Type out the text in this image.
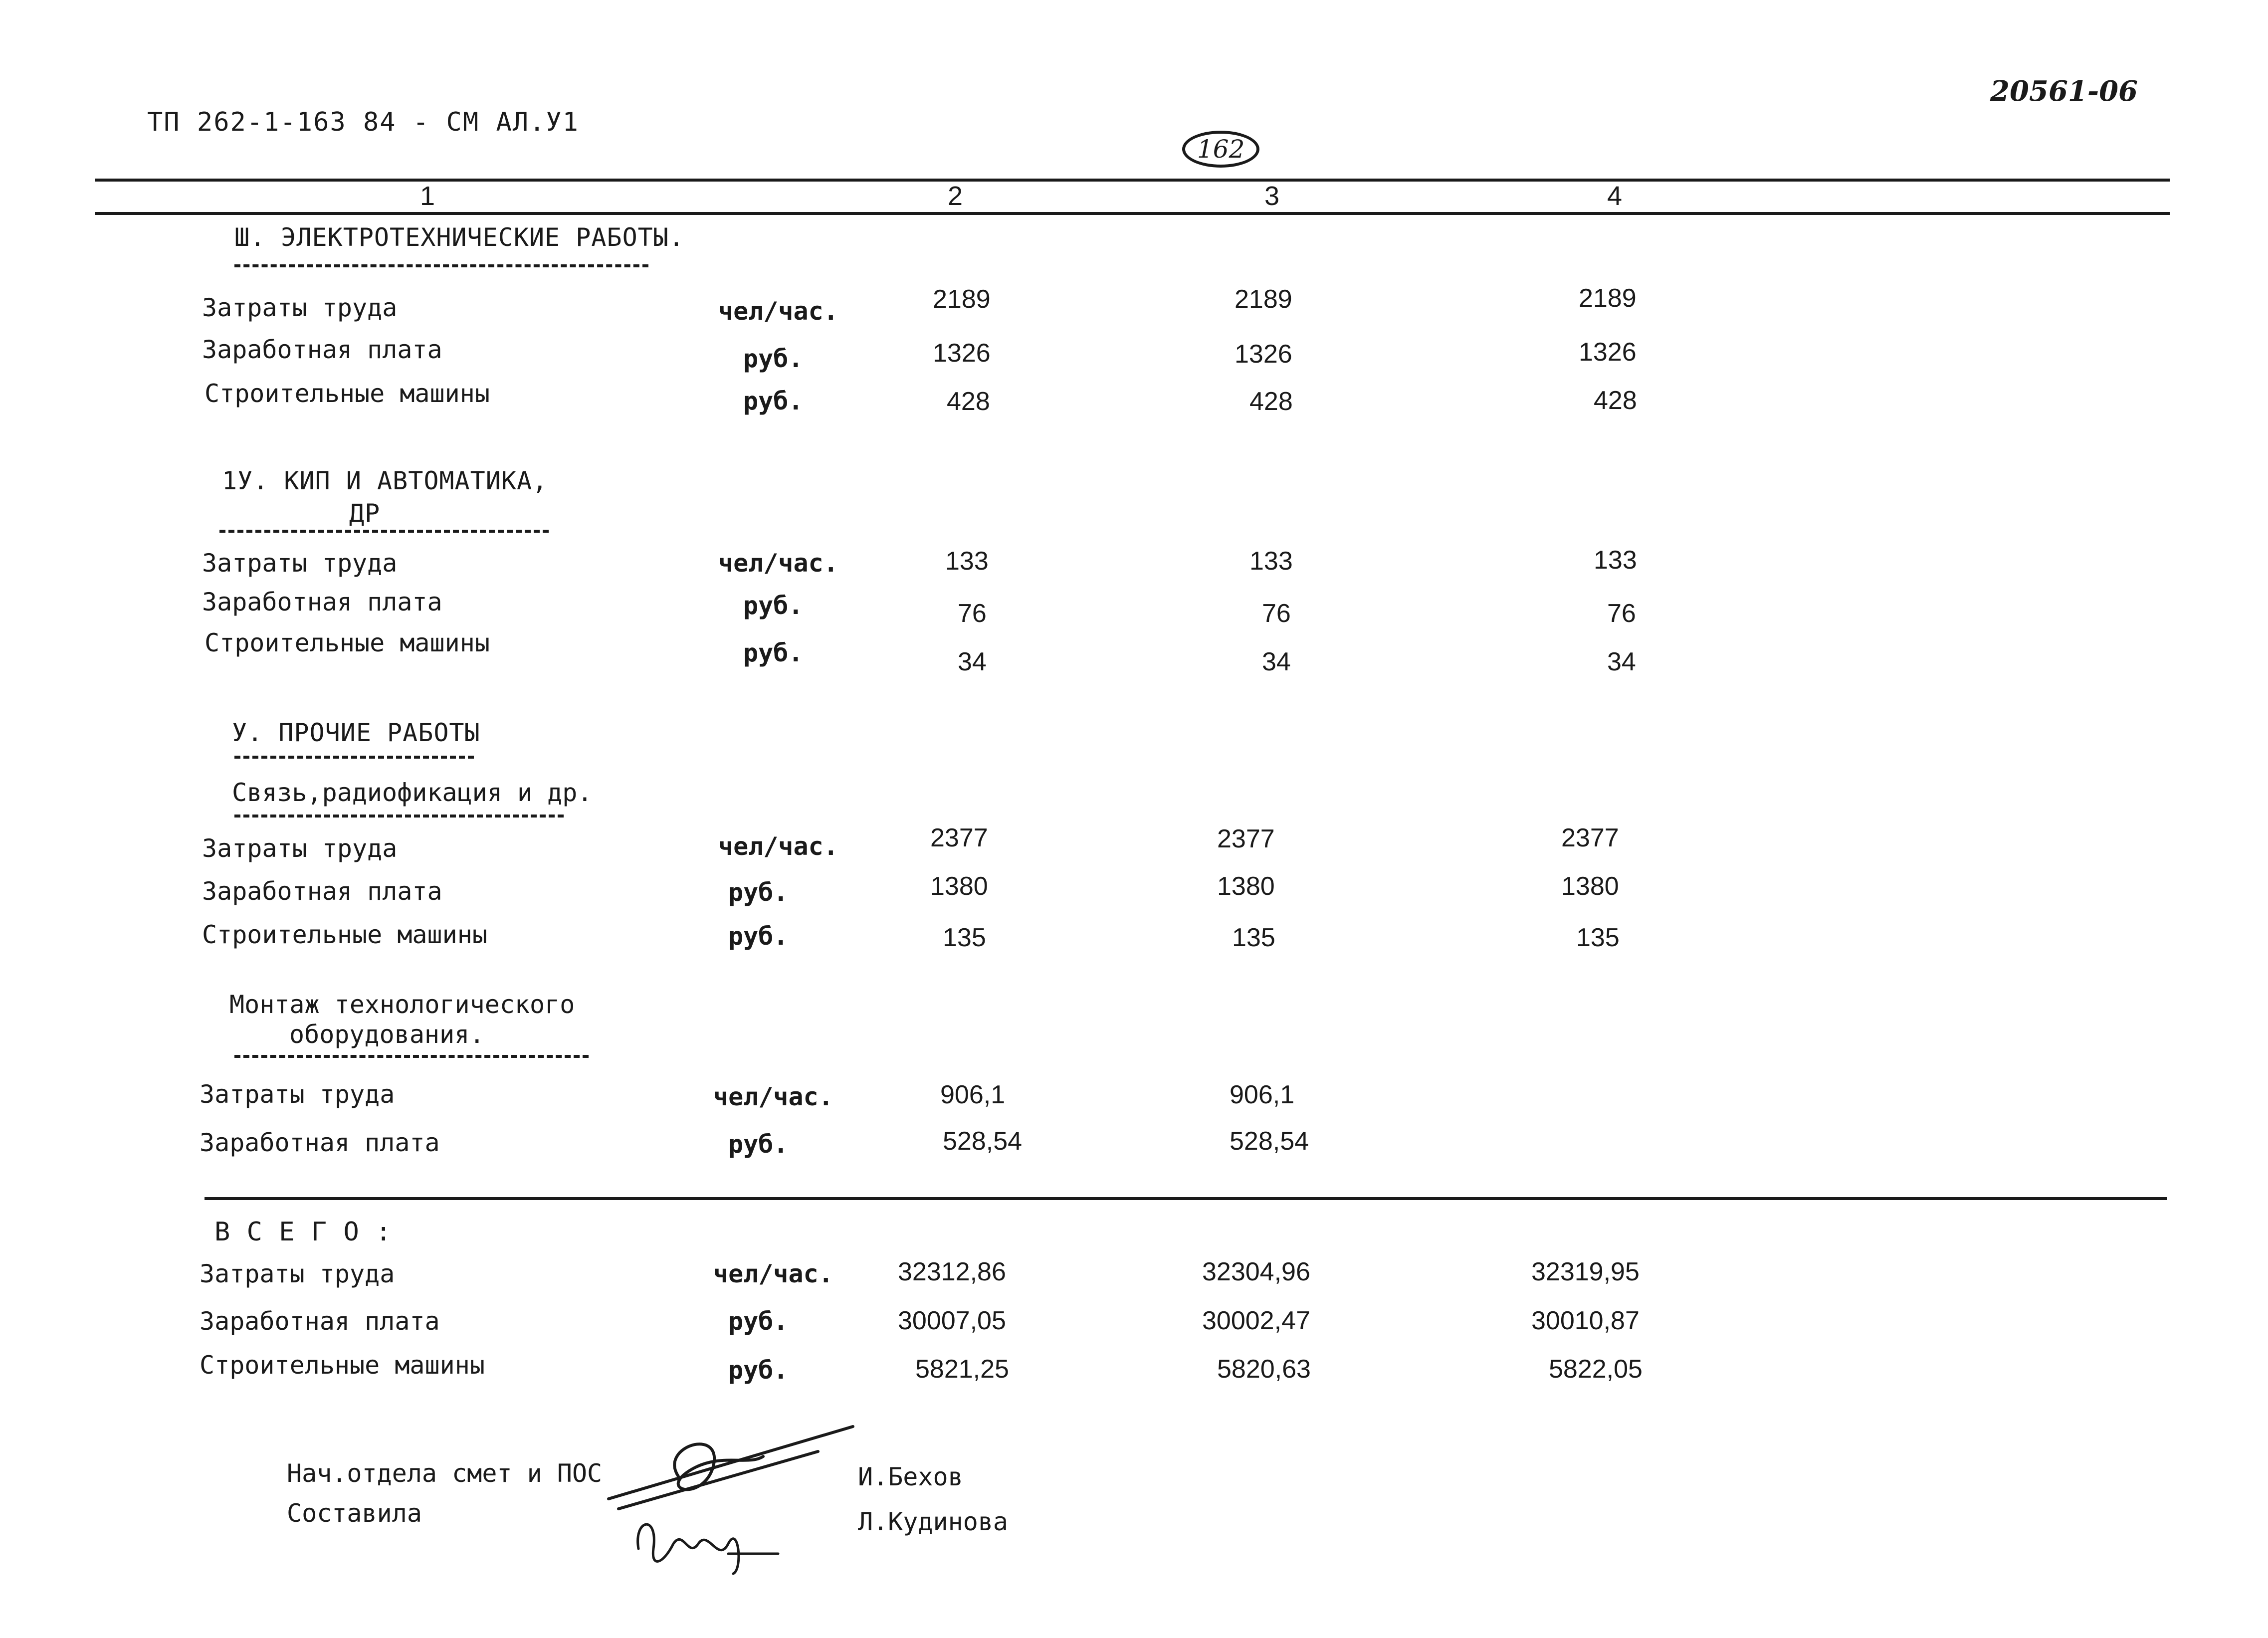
ТП 262-1-163 84 - СМ АЛ.У1
20561-06
162
1	2	3	4
Ш. ЭЛЕКТРОТЕХНИЧЕСКИЕ РАБОТЫ.
Затраты труда	чел/час.	2189	2189	2189
Заработная плата	руб.	1326	1326	1326
Строительные машины	руб.	428	428	428
1У. КИП И АВТОМАТИКА,
ДР
Затраты труда	чел/час.	133	133	133
Заработная плата	руб.	76	76	76
Строительные машины	руб.	34	34	34
У. ПРОЧИЕ РАБОТЫ
Связь,радиофикация и др.
Затраты труда	чел/час.	2377	2377	2377
Заработная плата	руб.	1380	1380	1380
Строительные машины	руб.	135	135	135
Монтаж технологического
оборудования.
Затраты труда	чел/час.	906,1	906,1
Заработная плата	руб.	528,54	528,54
В С Е Г О :
Затраты труда	чел/час. 32312,86	32304,96	32319,95
Заработная плата	руб.	30007,05	30002,47	30010,87
Строительные машины	руб.	5821,25	5820,63	5822,05
Нач.отдела смет и ПОС	И.Бехов
Составила	Л.Кудинова
